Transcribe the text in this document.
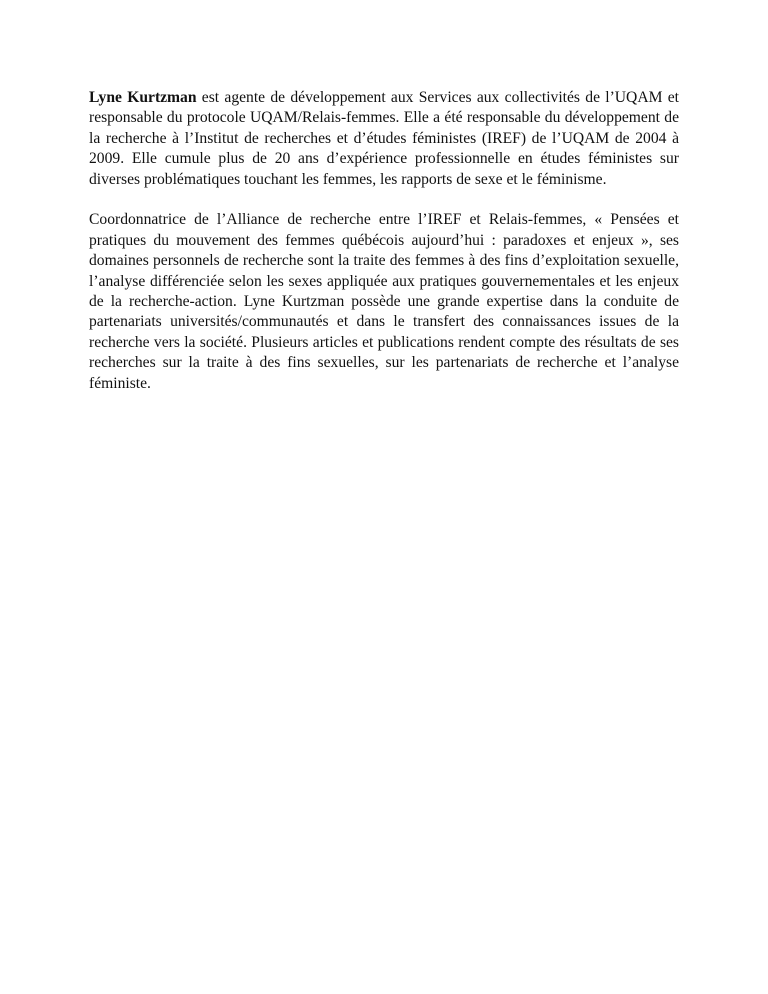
Lyne Kurtzman est agente de développement aux Services aux collectivités de l’UQAM et responsable du protocole UQAM/Relais-femmes. Elle a été responsable du développement de la recherche à l’Institut de recherches et d’études féministes (IREF) de l’UQAM de 2004 à 2009. Elle cumule plus de 20 ans d’expérience professionnelle en études féministes sur diverses problématiques touchant les femmes, les rapports de sexe et le féminisme.

Coordonnatrice de l’Alliance de recherche entre l’IREF et Relais-femmes, « Pensées et pratiques du mouvement des femmes québécois aujourd’hui : paradoxes et enjeux », ses domaines personnels de recherche sont la traite des femmes à des fins d’exploitation sexuelle, l’analyse différenciée selon les sexes appliquée aux pratiques gouvernementales et les enjeux de la recherche-action. Lyne Kurtzman possède une grande expertise dans la conduite de partenariats universités/communautés et dans le transfert des connaissances issues de la recherche vers la société. Plusieurs articles et publications rendent compte des résultats de ses recherches sur la traite à des fins sexuelles, sur les partenariats de recherche et l’analyse féministe.
